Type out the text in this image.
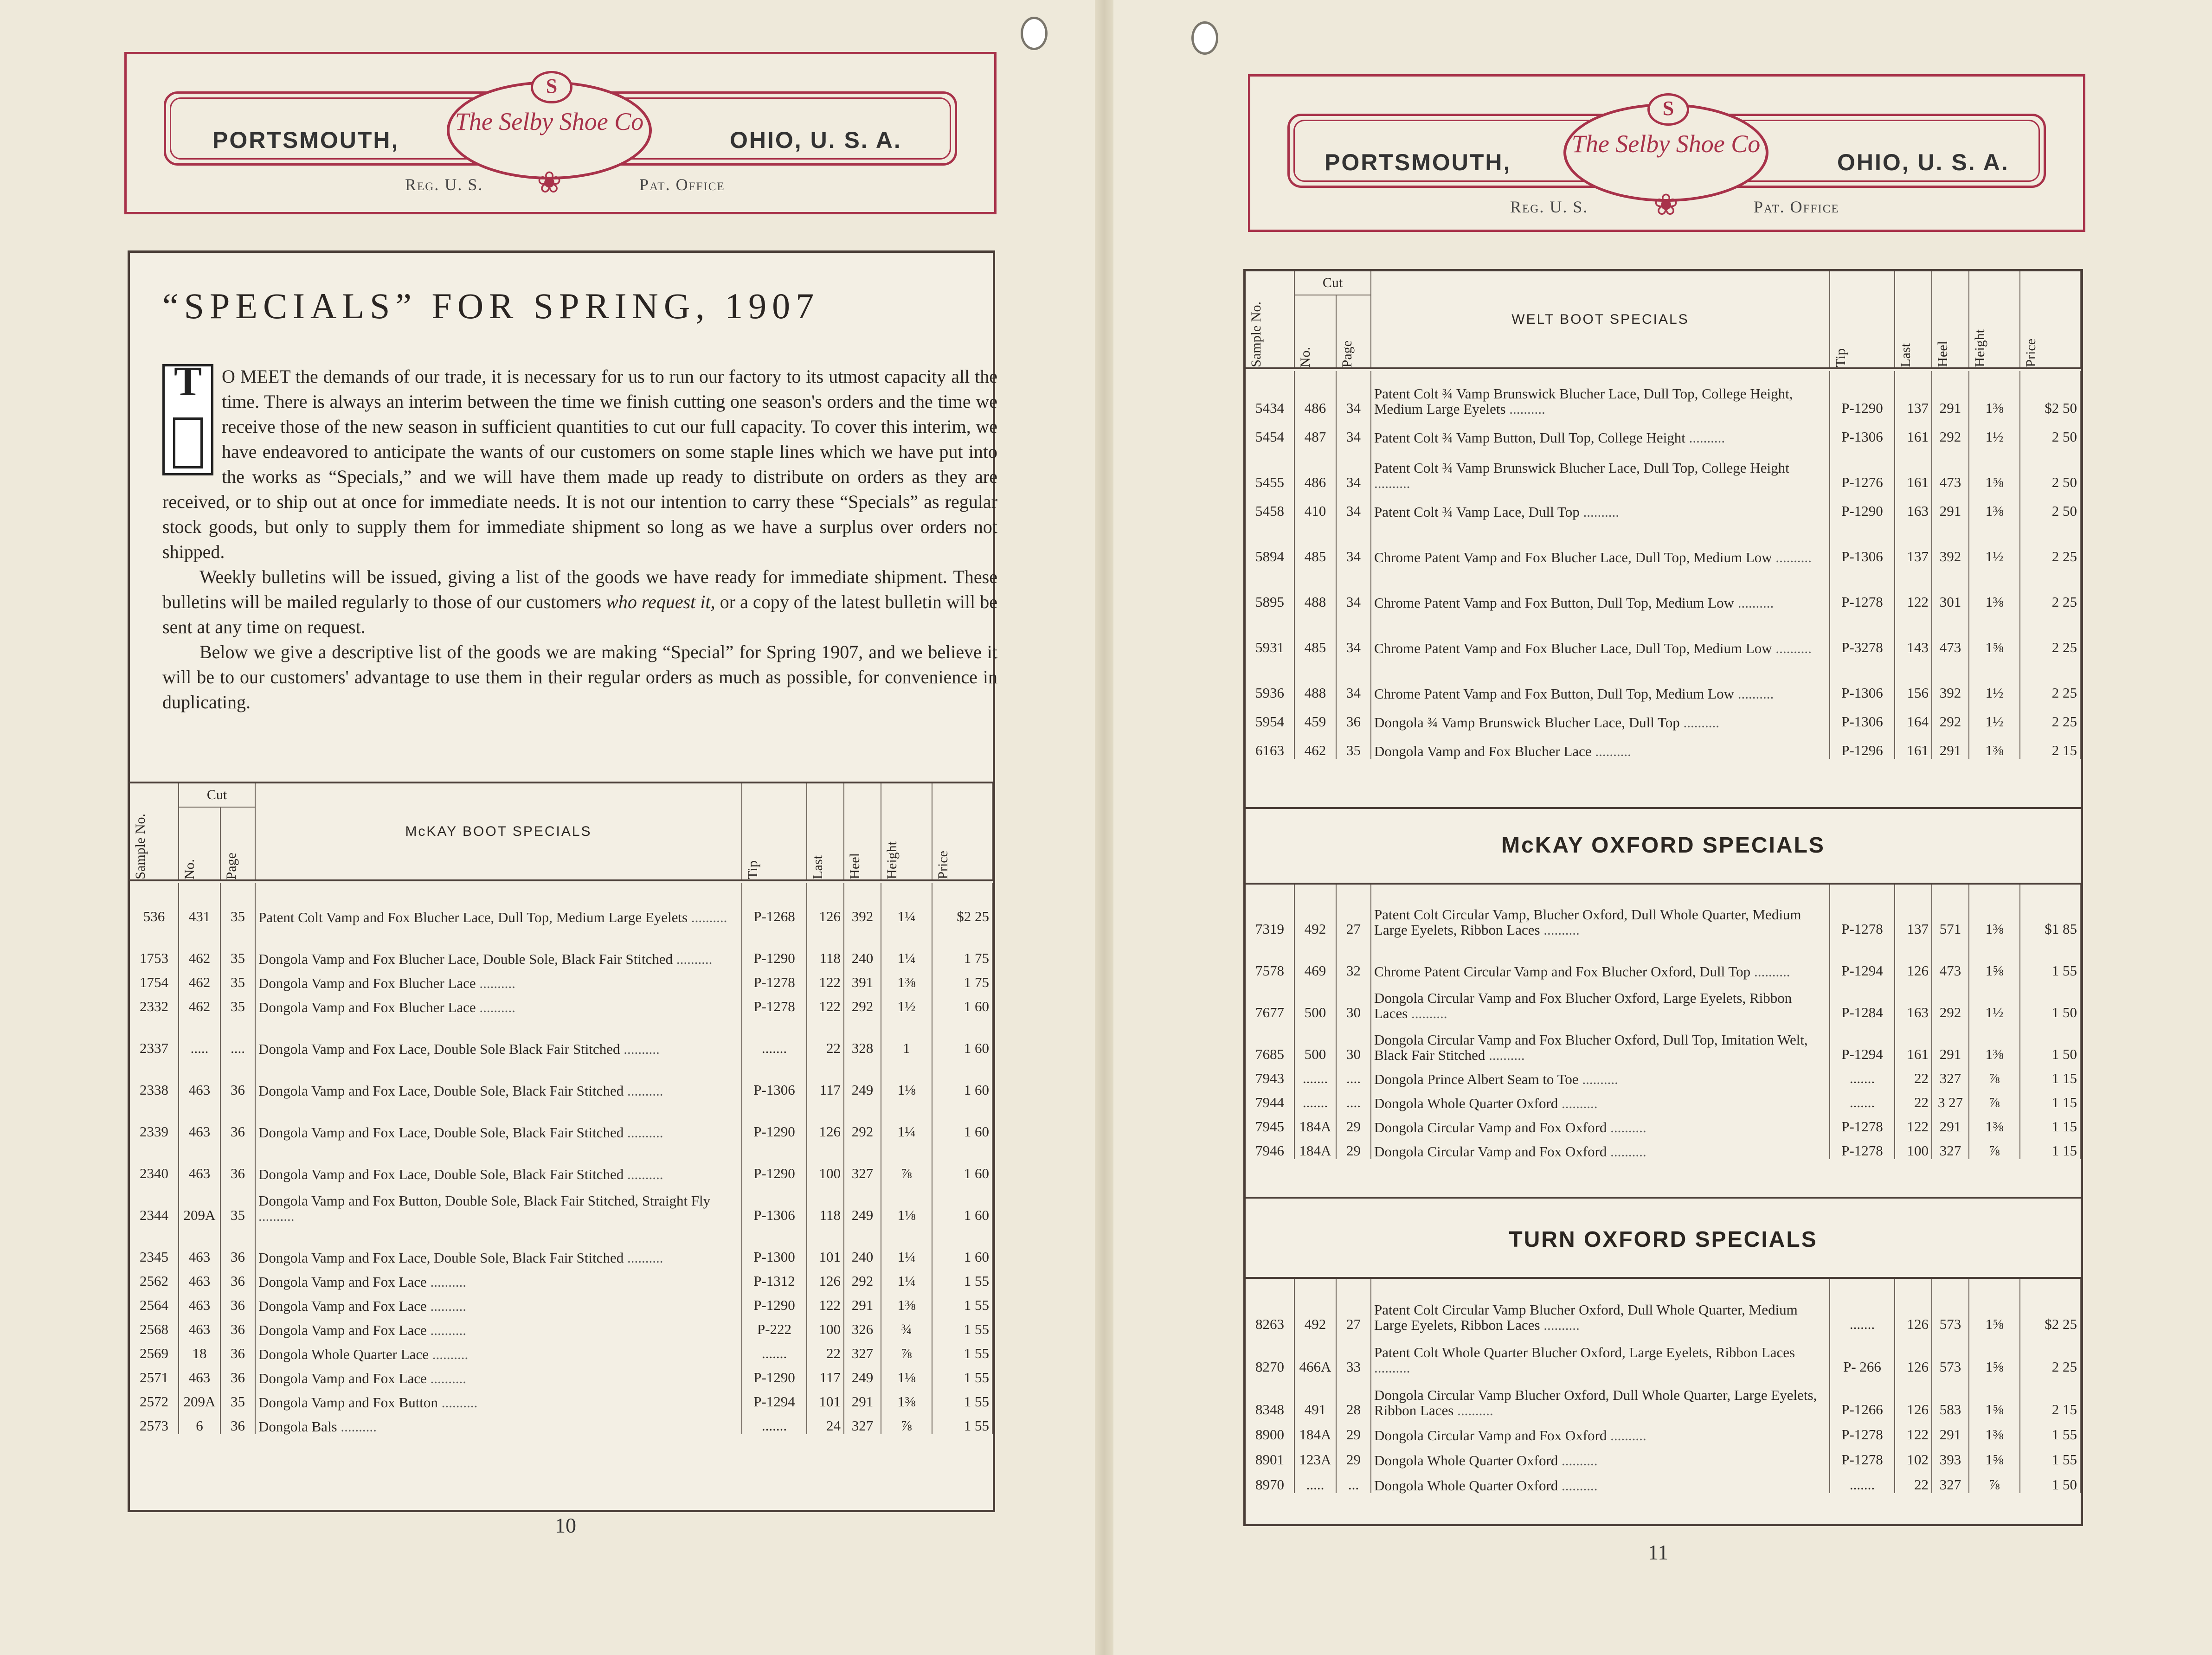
PORTSMOUTH,	OHIO, U. S. A.
S
The Selby Shoe Co
❀
Reg. U. S.	Pat. Office
“SPECIALS” FOR SPRING, 1907
T	O MEET the demands of our trade, it is necessary for us to run our factory to its utmost capacity all the time. There is always an interim between the time we finish cutting one season's orders and the time we receive those of the new season in sufficient quantities to cut our full capacity. To cover this interim, we have endeavored to anticipate the wants of our customers on some staple lines which we have put into the works as “Specials,” and we will have them made up ready to distribute on orders as they are received, or to ship out at once for immediate needs. It is not our intention to carry these “Specials” as regular stock goods, but only to supply them for immediate shipment so long as we have a surplus over orders not shipped.

Weekly bulletins will be issued, giving a list of the goods we have ready for immediate shipment. These bulletins will be mailed regularly to those of our customers who request it, or a copy of the latest bulletin will be sent at any time on request.

Below we give a descriptive list of the goods we are making “Special” for Spring 1907, and we believe it will be to our customers' advantage to use them in their regular orders as much as possible, for convenience in duplicating.

Sample No.	Cut		McKAY BOOT SPECIALS	Tip	Last	Heel	Height	Price

	No.	Page						

536	431	35	Patent Colt Vamp and Fox Blucher Lace, Dull Top, Medium Large Eyelets ..........	P-1268	126	392	1¼	$2 25
1753	462	35	Dongola Vamp and Fox Blucher Lace, Double Sole, Black Fair Stitched ..........	P-1290	118	240	1¼	1 75
1754	462	35	Dongola Vamp and Fox Blucher Lace ..........	P-1278	122	391	1⅜	1 75
2332	462	35	Dongola Vamp and Fox Blucher Lace ..........	P-1278	122	292	1½	1 60
2337	.....	....	Dongola Vamp and Fox Lace, Double Sole Black Fair Stitched ..........	.......	22	328	1	1 60
2338	463	36	Dongola Vamp and Fox Lace, Double Sole, Black Fair Stitched ..........	P-1306	117	249	1⅛	1 60
2339	463	36	Dongola Vamp and Fox Lace, Double Sole, Black Fair Stitched ..........	P-1290	126	292	1¼	1 60
2340	463	36	Dongola Vamp and Fox Lace, Double Sole, Black Fair Stitched ..........	P-1290	100	327	⅞	1 60
2344	209A	35	Dongola Vamp and Fox Button, Double Sole, Black Fair Stitched, Straight Fly ..........	P-1306	118	249	1⅛	1 60
2345	463	36	Dongola Vamp and Fox Lace, Double Sole, Black Fair Stitched ..........	P-1300	101	240	1¼	1 60
2562	463	36	Dongola Vamp and Fox Lace ..........	P-1312	126	292	1¼	1 55
2564	463	36	Dongola Vamp and Fox Lace ..........	P-1290	122	291	1⅜	1 55
2568	463	36	Dongola Vamp and Fox Lace ..........	P-222	100	326	¾	1 55
2569	18	36	Dongola Whole Quarter Lace ..........	.......	22	327	⅞	1 55
2571	463	36	Dongola Vamp and Fox Lace ..........	P-1290	117	249	1⅛	1 55
2572	209A	35	Dongola Vamp and Fox Button ..........	P-1294	101	291	1⅜	1 55
2573	6	36	Dongola Bals ..........	.......	24	327	⅞	1 55
10
PORTSMOUTH,	OHIO, U. S. A.
S
The Selby Shoe Co
❀
Reg. U. S.	Pat. Office
Sample No.	Cut		WELT BOOT SPECIALS	Tip	Last	Heel	Height	Price

	No.	Page						

5434	486	34	Patent Colt ¾ Vamp Brunswick Blucher Lace, Dull Top, College Height, Medium Large Eyelets ..........	P-1290	137	291	1⅜	$2 50
5454	487	34	Patent Colt ¾ Vamp Button, Dull Top, College Height ..........	P-1306	161	292	1½	2 50
5455	486	34	Patent Colt ¾ Vamp Brunswick Blucher Lace, Dull Top, College Height ..........	P-1276	161	473	1⅝	2 50
5458	410	34	Patent Colt ¾ Vamp Lace, Dull Top ..........	P-1290	163	291	1⅜	2 50
5894	485	34	Chrome Patent Vamp and Fox Blucher Lace, Dull Top, Medium Low ..........	P-1306	137	392	1½	2 25
5895	488	34	Chrome Patent Vamp and Fox Button, Dull Top, Medium Low ..........	P-1278	122	301	1⅜	2 25
5931	485	34	Chrome Patent Vamp and Fox Blucher Lace, Dull Top, Medium Low ..........	P-3278	143	473	1⅝	2 25
5936	488	34	Chrome Patent Vamp and Fox Button, Dull Top, Medium Low ..........	P-1306	156	392	1½	2 25
5954	459	36	Dongola ¾ Vamp Brunswick Blucher Lace, Dull Top ..........	P-1306	164	292	1½	2 25
6163	462	35	Dongola Vamp and Fox Blucher Lace ..........	P-1296	161	291	1⅜	2 15
McKAY OXFORD SPECIALS

7319	492	27	Patent Colt Circular Vamp, Blucher Oxford, Dull Whole Quarter, Medium Large Eyelets, Ribbon Laces ..........	P-1278	137	571	1⅜	$1 85
7578	469	32	Chrome Patent Circular Vamp and Fox Blucher Oxford, Dull Top ..........	P-1294	126	473	1⅝	1 55
7677	500	30	Dongola Circular Vamp and Fox Blucher Oxford, Large Eyelets, Ribbon Laces ..........	P-1284	163	292	1½	1 50
7685	500	30	Dongola Circular Vamp and Fox Blucher Oxford, Dull Top, Imitation Welt, Black Fair Stitched ..........	P-1294	161	291	1⅜	1 50
7943	.......	....	Dongola Prince Albert Seam to Toe ..........	.......	22	327	⅞	1 15
7944	.......	....	Dongola Whole Quarter Oxford ..........	.......	22	3 27	⅞	1 15
7945	184A	29	Dongola Circular Vamp and Fox Oxford ..........	P-1278	122	291	1⅜	1 15
7946	184A	29	Dongola Circular Vamp and Fox Oxford ..........	P-1278	100	327	⅞	1 15
TURN OXFORD SPECIALS

8263	492	27	Patent Colt Circular Vamp Blucher Oxford, Dull Whole Quarter, Medium Large Eyelets, Ribbon Laces ..........	.......	126	573	1⅝	$2 25
8270	466A	33	Patent Colt Whole Quarter Blucher Oxford, Large Eyelets, Ribbon Laces ..........	P- 266	126	573	1⅝	2 25
8348	491	28	Dongola Circular Vamp Blucher Oxford, Dull Whole Quarter, Large Eyelets, Ribbon Laces ..........	P-1266	126	583	1⅝	2 15
8900	184A	29	Dongola Circular Vamp and Fox Oxford ..........	P-1278	122	291	1⅜	1 55
8901	123A	29	Dongola Whole Quarter Oxford ..........	P-1278	102	393	1⅝	1 55
8970	.....	...	Dongola Whole Quarter Oxford ..........	.......	22	327	⅞	1 50
11
